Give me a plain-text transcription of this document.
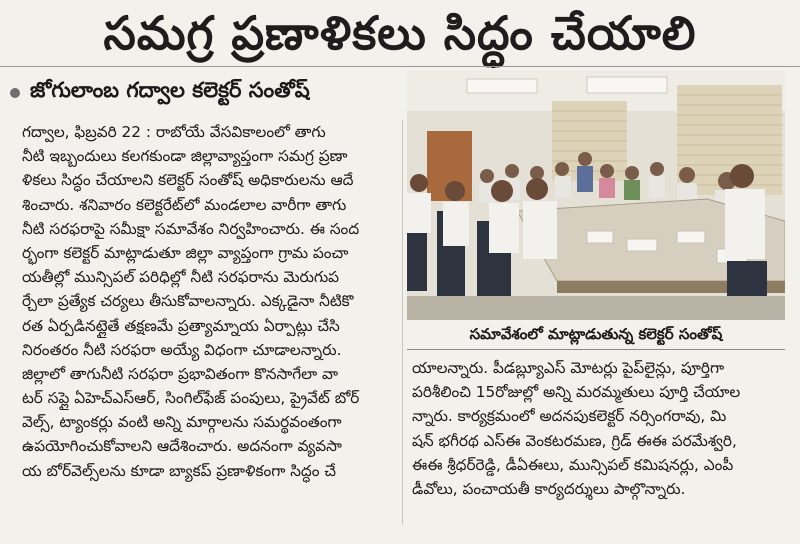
సమగ్ర ప్రణాళికలు సిద్ధం చేయాలి
జోగులాంబ గద్వాల కలెక్టర్ సంతోష్
గద్వాల, ఫిబ్రవరి 22 : రాబోయే వేసవికాలంలో తాగు
నీటి ఇబ్బందులు కలగకుండా జిల్లావ్యాప్తంగా సమగ్ర ప్రణా
ళికలు సిద్ధం చేయాలని కలెక్టర్ సంతోష్ అధికారులను ఆదే
శించారు. శనివారం కలెక్టరేట్‌లో మండలాల వారీగా తాగు
నీటి సరఫరాపై సమీక్షా సమావేశం నిర్వహించారు. ఈ సంద
ర్భంగా కలెక్టర్ మాట్లాడుతూ జిల్లా వ్యాప్తంగా గ్రామ పంచా
యతీల్లో మున్సిపల్ పరిధిల్లో నీటి సరఫరాను మెరుగుప
ర్చేలా ప్రత్యేక చర్యలు తీసుకోవాలన్నారు. ఎక్కడైనా నీటికొ
రత ఏర్పడినట్లైతే తక్షణమే ప్రత్యామ్నాయ ఏర్పాట్లు చేసి
నిరంతరం నీటి సరఫరా అయ్యే విధంగా చూడాలన్నారు.
జిల్లాలో తాగునీటి సరఫరా ప్రభావితంగా కొనసాగేలా వా
టర్ సప్లై ఏహెచ్ఎస్ఆర్, సింగిల్‌ఫేజ్ పంపులు, ప్రైవేట్ బోర్
వెల్స్, ట్యాంకర్లు వంటి అన్ని మార్గాలను సమర్థవంతంగా
ఉపయోగించుకోవాలని ఆదేశించారు. అదనంగా వ్యవసా
య బోర్‌వెల్స్‌లను కూడా బ్యాకప్ ప్రణాళికంగా సిద్ధం చే
సమావేశంలో మాట్లాడుతున్న కలెక్టర్ సంతోష్
యాలన్నారు. పీడబ్ల్యూఎస్ మోటర్లు పైప్‌లైన్లు, పూర్తిగా
పరిశీలించి 15రోజుల్లో అన్ని మరమ్మతులు పూర్తి చేయాల
న్నారు. కార్యక్రమంలో అదనపుకలెక్టర్ నర్సింగరావు, మి
షన్ భగీరథ ఎస్ఈ వెంకటరమణ, గ్రిడ్ ఈఈ పరమేశ్వరి,
ఈఈ శ్రీధర్‌రెడ్డి, డీఏఈలు, మున్సిపల్ కమిషనర్లు, ఎంపీ
డీవోలు, పంచాయతీ కార్యదర్శులు పాల్గొన్నారు.
